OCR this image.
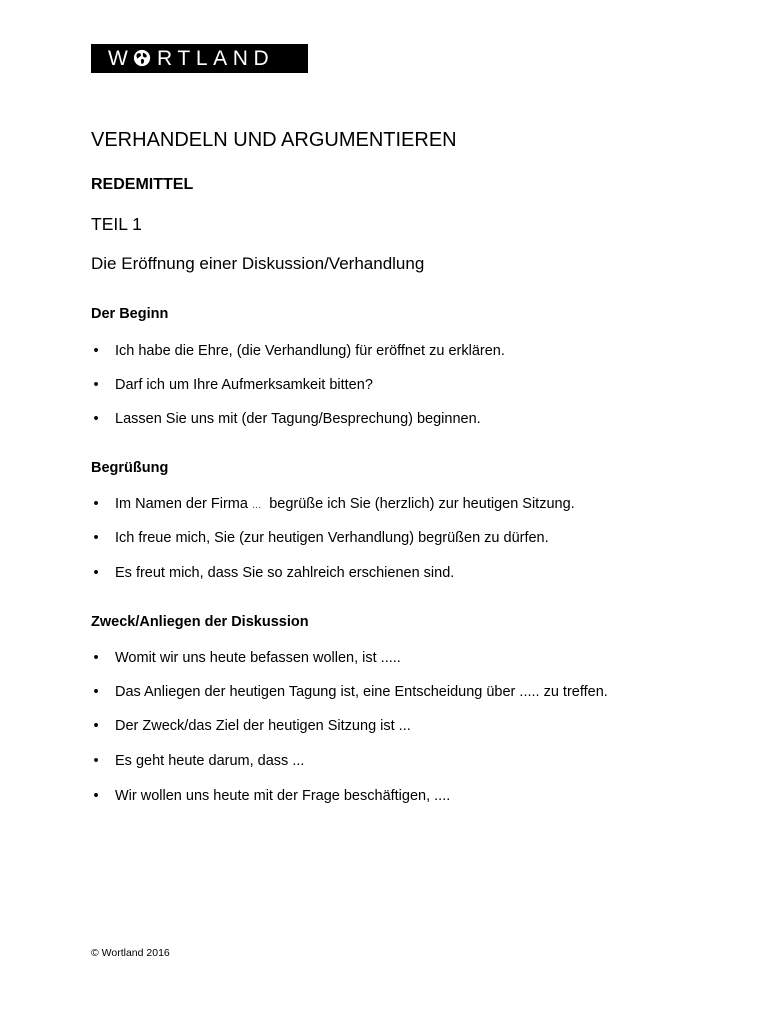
W RTLAND
VERHANDELN UND ARGUMENTIEREN
REDEMITTEL
TEIL 1
Die Eröffnung einer Diskussion/Verhandlung
Der Beginn
• Ich habe die Ehre, (die Verhandlung) für eröffnet zu erklären.
• Darf ich um Ihre Aufmerksamkeit bitten?
• Lassen Sie uns mit (der Tagung/Besprechung) beginnen.
Begrüßung
• Im Namen der Firma ...  begrüße ich Sie (herzlich) zur heutigen Sitzung.
• Ich freue mich, Sie (zur heutigen Verhandlung) begrüßen zu dürfen.
• Es freut mich, dass Sie so zahlreich erschienen sind.
Zweck/Anliegen der Diskussion
• Womit wir uns heute befassen wollen, ist .....
• Das Anliegen der heutigen Tagung ist, eine Entscheidung über ..... zu treffen.
• Der Zweck/das Ziel der heutigen Sitzung ist ...
• Es geht heute darum, dass ...
• Wir wollen uns heute mit der Frage beschäftigen, ....
© Wortland 2016
